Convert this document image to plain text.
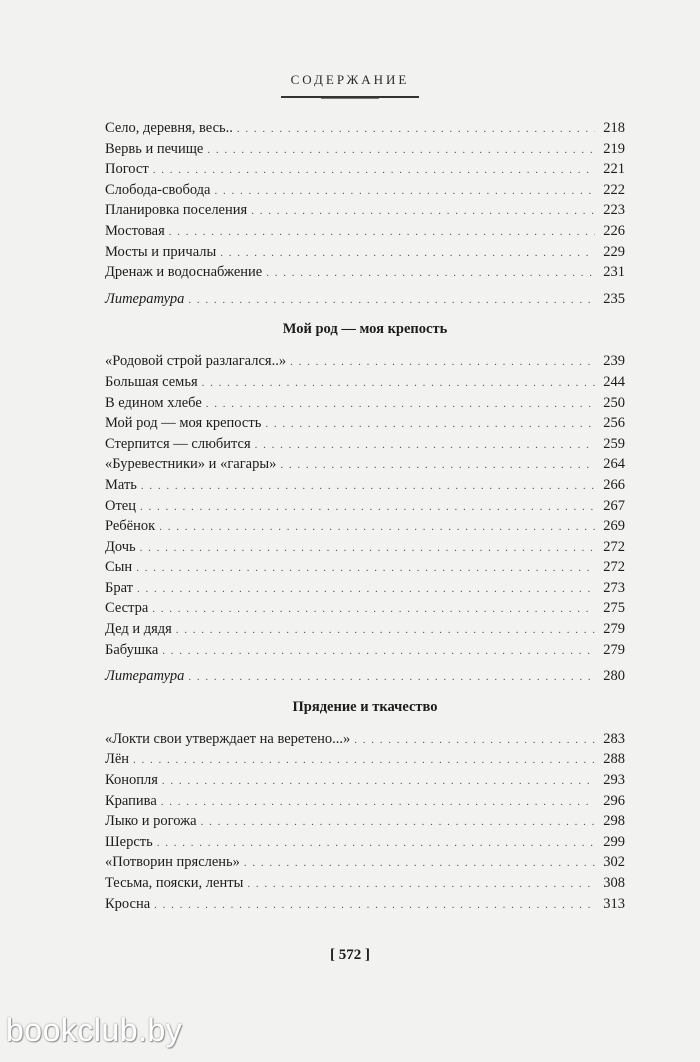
СОДЕРЖАНИЕ
Село, деревня, весь.. . . .	218
Вервь и печище . . .	219
Погост . . .	221
Слобода-свобода . . .	222
Планировка поселения . . .	223
Мостовая . . .	226
Мосты и причалы . . .	229
Дренаж и водоснабжение . . .	231
Литература . . .	235
Мой род — моя крепость
«Родовой строй разлагался..» . . .	239
Большая семья . . .	244
В едином хлебе . . .	250
Мой род — моя крепость . . .	256
Стерпится — слюбится . . .	259
«Буревестники» и «гагары» . . .	264
Мать . . .	266
Отец . . .	267
Ребёнок . . .	269
Дочь . . .	272
Сын . . .	272
Брат . . .	273
Сестра . . .	275
Дед и дядя . . .	279
Бабушка . . .	279
Литература . . .	280
Прядение и ткачество
«Локти свои утверждает на веретено...» . . .	283
Лён . . .	288
Конопля . . .	293
Крапива . . .	296
Лыко и рогожа . . .	298
Шерсть . . .	299
«Потворин пряслень» . . .	302
Тесьма, пояски, ленты . . .	308
Кросна . . .	313
[ 572 ]
bookclub.by
